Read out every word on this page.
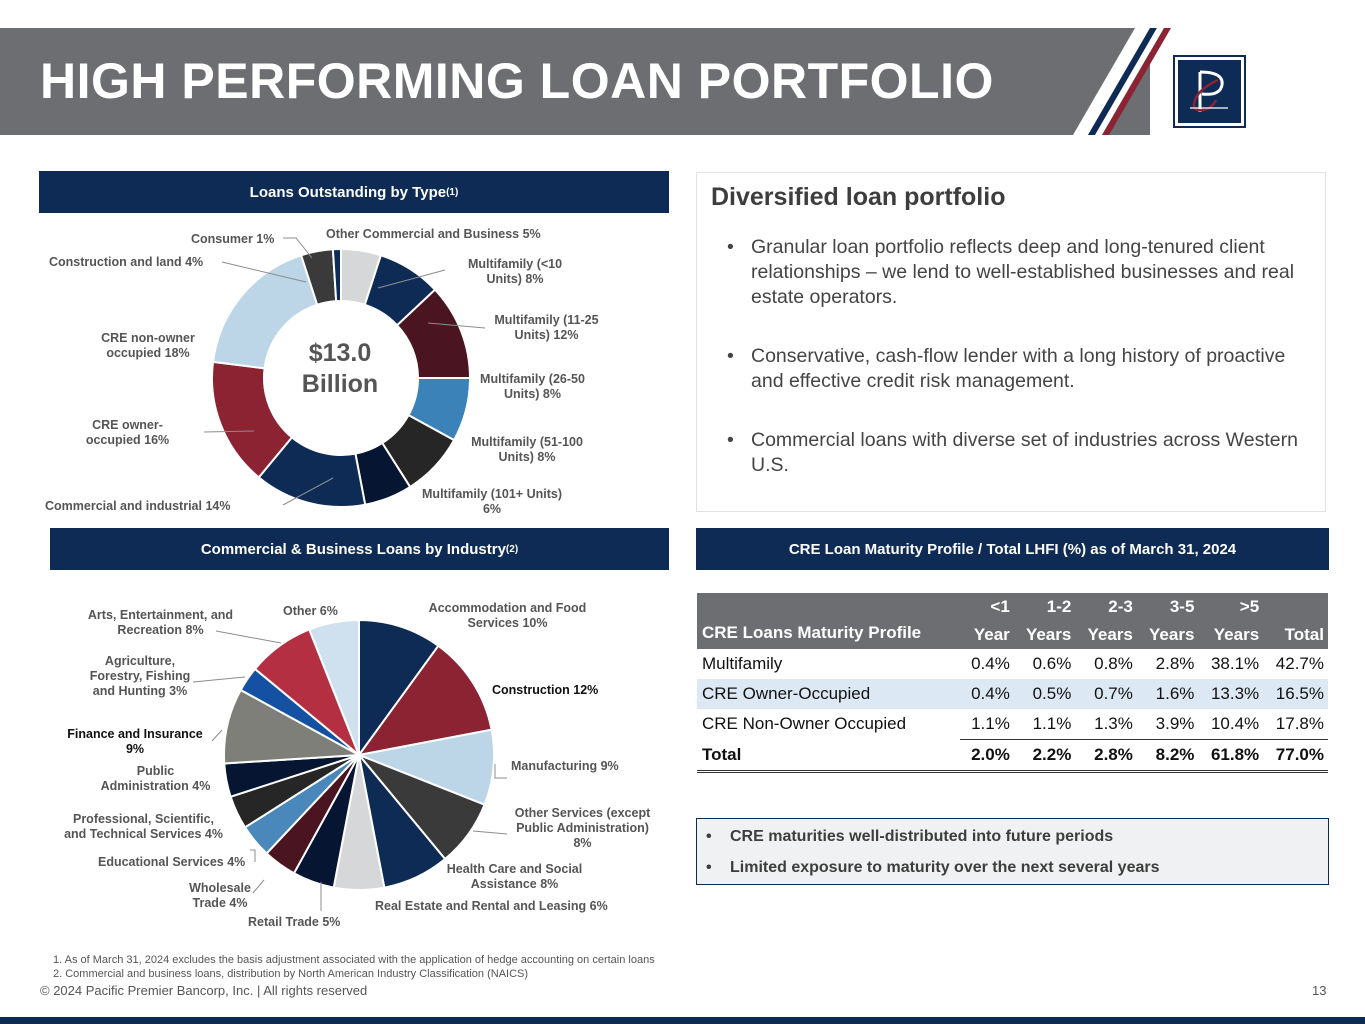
HIGH PERFORMING LOAN PORTFOLIO
Loans Outstanding by Type (1)
$13.0
Billion
Other Commercial and Business 5%
Multifamily (<10
Units) 8%
Multifamily (11-25
Units) 12%
Multifamily (26-50
Units) 8%
Multifamily (51-100
Units) 8%
Multifamily (101+ Units)
6%
Commercial and industrial 14%
CRE owner-
occupied 16%
CRE non-owner
occupied 18%
Construction and land 4%
Consumer 1%
Commercial & Business Loans by Industry (2)
Accommodation and Food
Services 10%
Construction 12%
Manufacturing 9%
Other Services (except
Public Administration)
8%
Health Care and Social
Assistance 8%
Real Estate and Rental and Leasing 6%
Retail Trade 5%
Wholesale
Trade 4%
Educational Services 4%
Professional, Scientific,
and Technical Services 4%
Public
Administration 4%
Finance and Insurance
9%
Agriculture,
Forestry, Fishing
and Hunting 3%
Arts, Entertainment, and
Recreation 8%
Other 6%
Diversified loan portfolio
• Granular loan portfolio reflects deep and long-tenured client relationships – we lend to well-established businesses and real estate operators.
• Conservative, cash-flow lender with a long history of proactive and effective credit risk management.
• Commercial loans with diverse set of industries across Western U.S.
CRE Loan Maturity Profile / Total LHFI (%) as of March 31, 2024
CRE Loans Maturity Profile	<1	1-2	2-3	3-5	>5	
	Year	Years	Years	Years	Years	Total
Multifamily	0.4%	0.6%	0.8%	2.8%	38.1%	42.7%
CRE Owner-Occupied	0.4%	0.5%	0.7%	1.6%	13.3%	16.5%
CRE Non-Owner Occupied	1.1%	1.1%	1.3%	3.9%	10.4%	17.8%
Total	2.0%	2.2%	2.8%	8.2%	61.8%	77.0%
• CRE maturities well-distributed into future periods
• Limited exposure to maturity over the next several years
1. As of March 31, 2024 excludes the basis adjustment associated with the application of hedge accounting on certain loans
2. Commercial and business loans, distribution by North American Industry Classification (NAICS)
© 2024 Pacific Premier Bancorp, Inc. | All rights reserved	13
